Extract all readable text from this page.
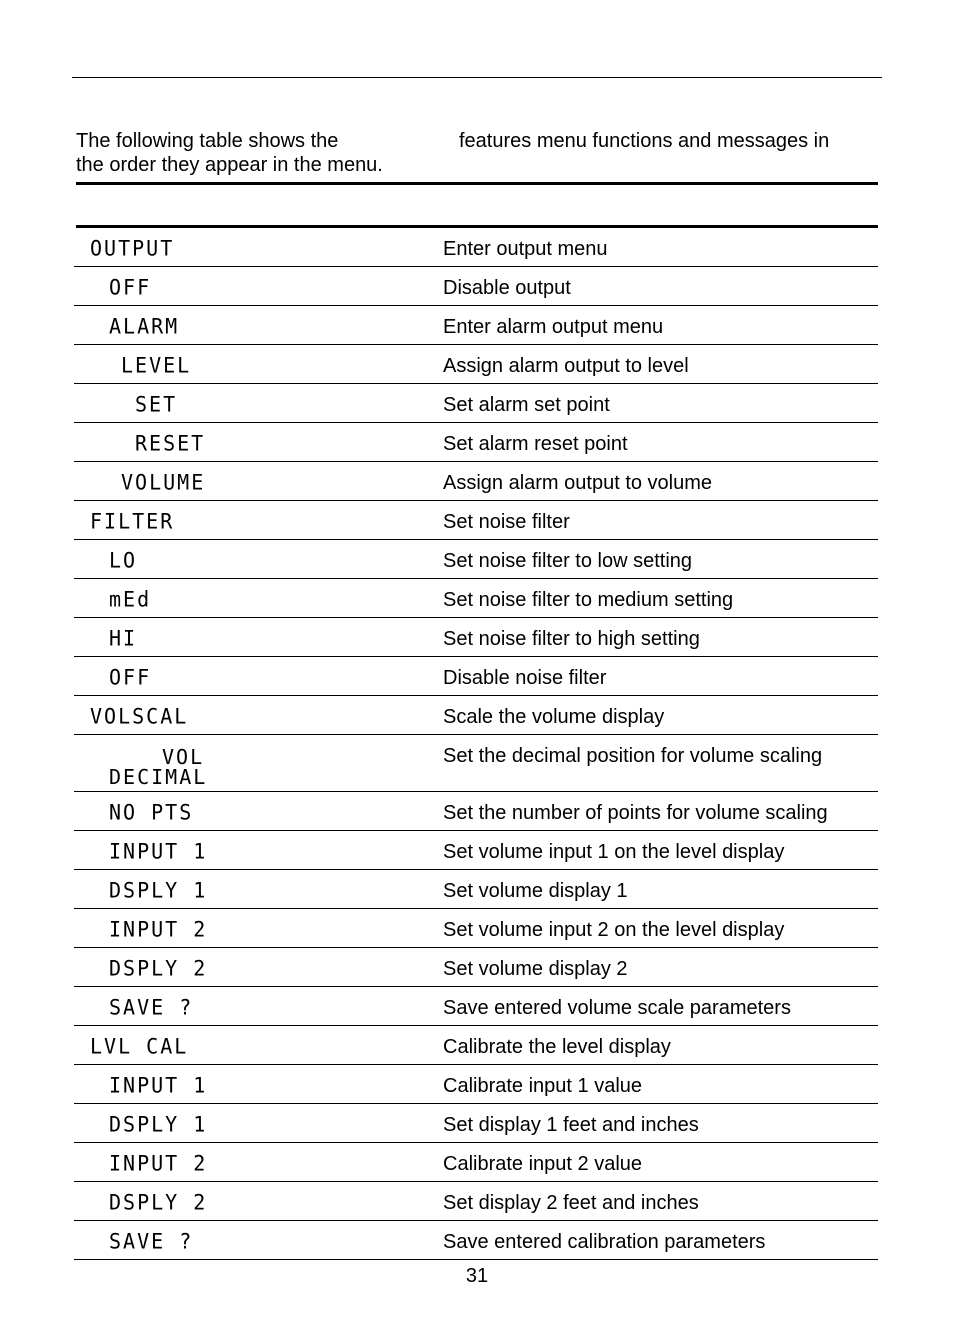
The following table shows the	features menu functions and messages in
the order they appear in the menu.
OUTPUT	Enter output menu

OFF	Disable output

ALARM	Enter alarm output menu

LEVEL	Assign alarm output to level

SET	Set alarm set point

RESET	Set alarm reset point

VOLUME	Assign alarm output to volume

FILTER	Set noise filter

LO	Set noise filter to low setting

mEd	Set noise filter to medium setting

HI	Set noise filter to high setting

OFF	Disable noise filter

VOLSCAL	Scale the volume display

VOL
DECIMAL	Set the decimal position for volume scaling

NO PTS	Set the number of points for volume scaling

INPUT 1	Set volume input 1 on the level display

DSPLY 1	Set volume display 1

INPUT 2	Set volume input 2 on the level display

DSPLY 2	Set volume display 2

SAVE ?	Save entered volume scale parameters

LVL CAL	Calibrate the level display

INPUT 1	Calibrate input 1 value

DSPLY 1	Set display 1 feet and inches

INPUT 2	Calibrate input 2 value

DSPLY 2	Set display 2 feet and inches

SAVE ?	Save entered calibration parameters
31
